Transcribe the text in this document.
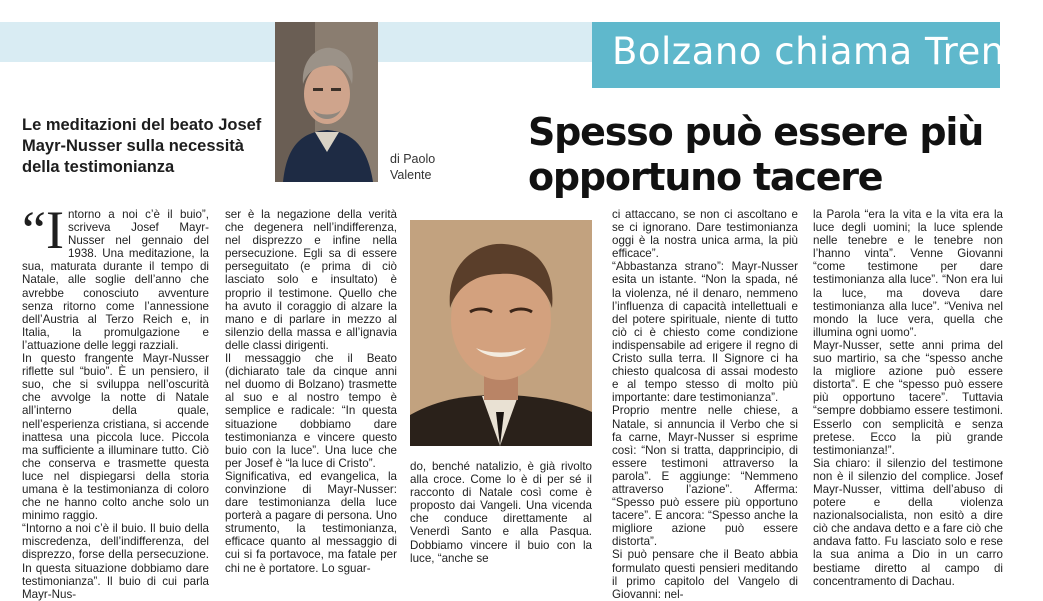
Bolzano chiama Trento
Le meditazioni del beato Josef Mayr-Nusser sulla necessità della testimonianza	di Paolo Valente
Spesso può essere più opportuno tacere
“I ntorno a noi c’è il buio”, scriveva Josef Mayr-Nusser nel gennaio del 1938. Una meditazione, la sua, maturata durante il tempo di Natale, alle soglie dell’anno che avrebbe conosciuto avventure senza ritorno come l’annessione dell’Austria al Terzo Reich e, in Italia, la promulgazione e l’attuazione delle leggi razziali.

In questo frangente Mayr-Nusser riflette sul “buio”. È un pensiero, il suo, che si sviluppa nell’oscurità che avvolge la notte di Natale all’interno della quale, nell’esperienza cristiana, si accende inattesa una piccola luce. Piccola ma sufficiente a illuminare tutto. Ciò che conserva e trasmette questa luce nel dispiegarsi della storia umana è la testimonianza di coloro che ne hanno colto anche solo un minimo raggio.

“Intorno a noi c’è il buio. Il buio della miscredenza, dell’indifferenza, del disprezzo, forse della persecuzione. In questa situazione dobbiamo dare testimonianza”. Il buio di cui parla Mayr-Nus-

ser è la negazione della verità che degenera nell’indifferenza, nel disprezzo e infine nella persecuzione. Egli sa di essere perseguitato (e prima di ciò lasciato solo e insultato) è proprio il testimone. Quello che ha avuto il coraggio di alzare la mano e di parlare in mezzo al silenzio della massa e all’ignavia delle classi dirigenti.

Il messaggio che il Beato (dichiarato tale da cinque anni nel duomo di Bolzano) trasmette al suo e al nostro tempo è semplice e radicale: “In questa situazione dobbiamo dare testimonianza e vincere questo buio con la luce”. Una luce che per Josef è “la luce di Cristo”.

Significativa, ed evangelica, la convinzione di Mayr-Nusser: dare testimonianza della luce porterà a pagare di persona. Uno strumento, la testimonianza, efficace quanto al messaggio di cui si fa portavoce, ma fatale per chi ne è portatore. Lo sguar-

do, benché natalizio, è già rivolto alla croce. Come lo è di per sé il racconto di Natale così come è proposto dai Vangeli. Una vicenda che conduce direttamente al Venerdì Santo e alla Pasqua. Dobbiamo vincere il buio con la luce, “anche se

ci attaccano, se non ci ascoltano e se ci ignorano. Dare testimonianza oggi è la nostra unica arma, la più efficace”.

“Abbastanza strano”: Mayr-Nusser esita un istante. “Non la spada, né la violenza, né il denaro, nemmeno l’influenza di capacità intellettuali e del potere spirituale, niente di tutto ciò ci è chiesto come condizione indispensabile ad erigere il regno di Cristo sulla terra. Il Signore ci ha chiesto qualcosa di assai modesto e al tempo stesso di molto più importante: dare testimonianza”.

Proprio mentre nelle chiese, a Natale, si annuncia il Verbo che si fa carne, Mayr-Nusser si esprime così: “Non si tratta, dapprincipio, di essere testimoni attraverso la parola”. E aggiunge: “Nemmeno attraverso l’azione”. Afferma: “Spesso può essere più opportuno tacere”. E ancora: “Spesso anche la migliore azione può essere distorta”.

Si può pensare che il Beato abbia formulato questi pensieri meditando il primo capitolo del Vangelo di Giovanni: nel-

la Parola “era la vita e la vita era la luce degli uomini; la luce splende nelle tenebre e le tenebre non l’hanno vinta”. Venne Giovanni “come testimone per dare testimonianza alla luce”. “Non era lui la luce, ma doveva dare testimonianza alla luce”. “Veniva nel mondo la luce vera, quella che illumina ogni uomo”.

Mayr-Nusser, sette anni prima del suo martirio, sa che “spesso anche la migliore azione può essere distorta”. E che “spesso può essere più opportuno tacere”. Tuttavia “sempre dobbiamo essere testimoni. Esserlo con semplicità e senza pretese. Ecco la più grande testimonianza!”.

Sia chiaro: il silenzio del testimone non è il silenzio del complice. Josef Mayr-Nusser, vittima dell’abuso di potere e della violenza nazionalsocialista, non esitò a dire ciò che andava detto e a fare ciò che andava fatto. Fu lasciato solo e rese la sua anima a Dio in un carro bestiame diretto al campo di concentramento di Dachau.
